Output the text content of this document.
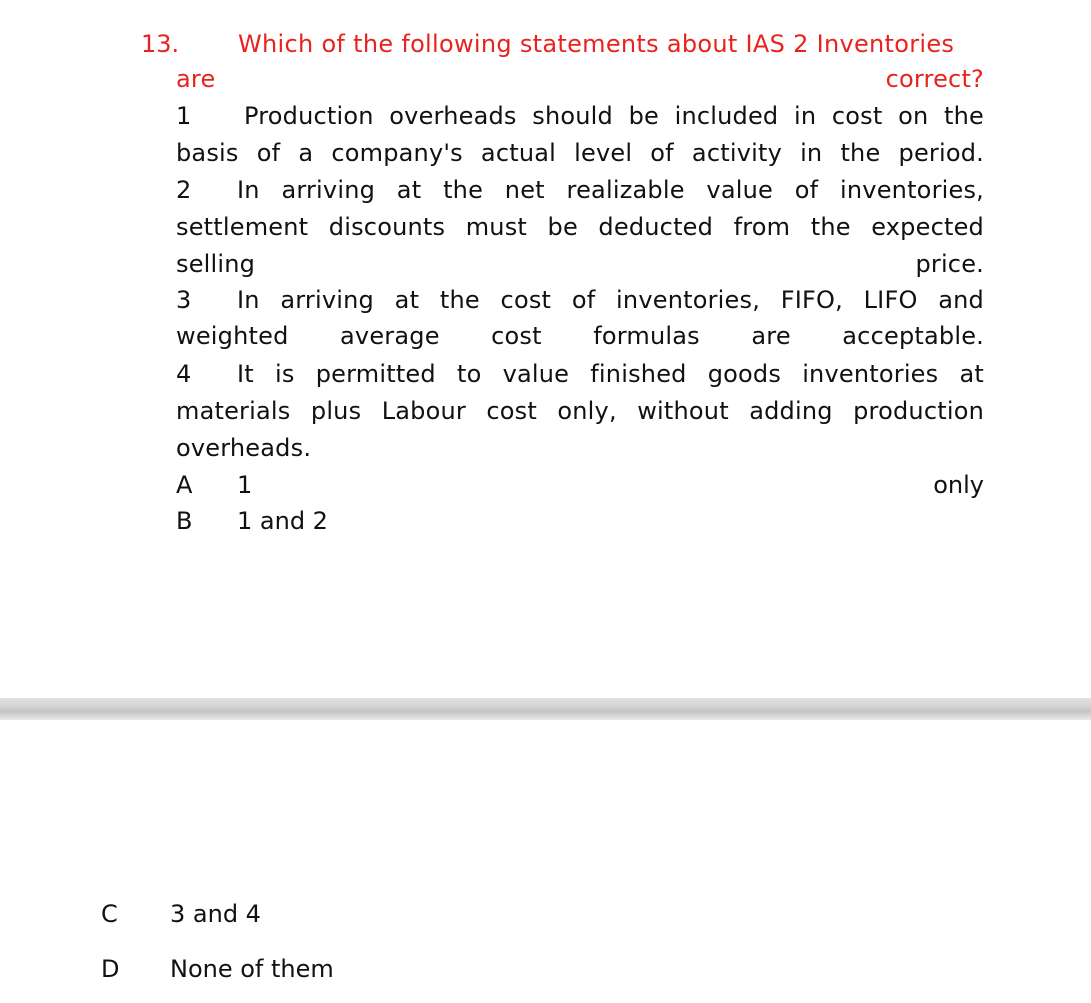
13. Which of the following statements about IAS 2 Inventories
are	correct?
1 Production overheads should be included in cost on the
basis of a company's actual level of activity in the period.
2 In arriving at the net realizable value of inventories,
settlement discounts must be deducted from the expected
selling	price.
3 In arriving at the cost of inventories, FIFO, LIFO and
weighted average cost formulas are acceptable.
4 It is permitted to value finished goods inventories at
materials plus Labour cost only, without adding production
overheads.
A 1	only
B 1 and 2
C 3 and 4
D None of them
